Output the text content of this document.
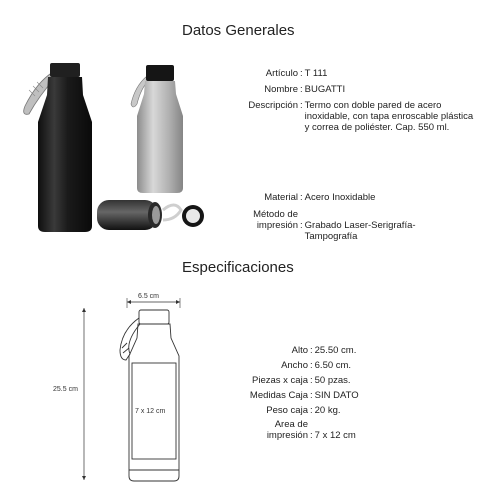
Datos Generales
Artículo : T 111
Nombre : BUGATTI
Descripción : Termo con doble pared de acero inoxidable, con tapa enroscable plástica y correa de poliéster. Cap. 550 ml.
Material : Acero Inoxidable
Método de
impresión : Grabado Laser-Serigrafía-Tampografía
Especificaciones
6.5 cm
25.5 cm
7 x 12 cm
Alto : 25.50 cm.
Ancho : 6.50 cm.
Piezas x caja : 50 pzas.
Medidas Caja : SIN DATO
Peso caja : 20 kg.
Area de
impresión : 7 x 12 cm
